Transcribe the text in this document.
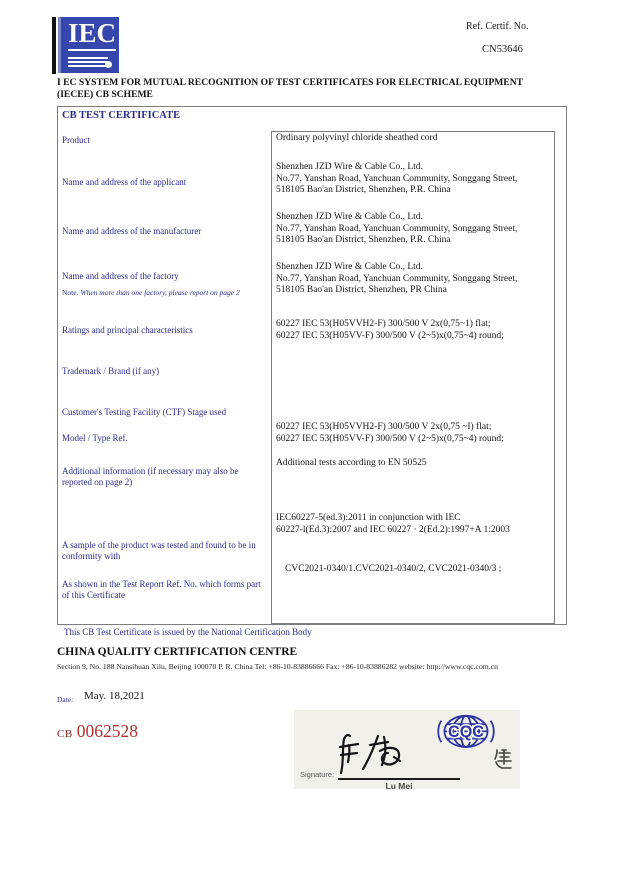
IEC	Ref. Certif. No.
CN53646
I EC SYSTEM FOR MUTUAL RECOGNITION OF TEST CERTIFICATES FOR ELECTRICAL EQUIPMENT
(IECEE) CB SCHEME
CB TEST CERTIFICATE
Product	Ordinary polyvinyl chloride sheathed cord
Name and address of the applicant
Shenzhen JZD Wire & Cable Co., Ltd.
No.77, Yanshan Road, Yanchuan Community, Songgang Street,
518105 Bao'an District, Shenzhen, P.R. China
Name and address of the manufacturer
Shenzhen JZD Wire & Cable Co., Ltd.
No.77, Yanshan Road, Yanchuan Community, Songgang Street,
518105 Bao'an District, Shenzhen, P.R. China
Name and address of the factory
Note. When more than one factory, please report on page 2
Shenzhen JZD Wire & Cable Co., Ltd.
No.77, Yanshan Road, Yanchuan Community, Songgang Street,
518105 Bao'an District, Shenzhen, PR China
Ratings and principal characteristics
60227 IEC 53(H05VVH2-F) 300/500 V 2x(0,75~1) flat;
60227 IEC 53(H05VV-F) 300/500 V (2~5)x(0,75~4) round;
Trademark / Brand (if any)
Customer's Testing Facility (CTF) Stage used
Model / Type Ref.
60227 IEC 53(H05VVH2-F) 300/500 V 2x(0,75 ~I) flat;
60227 IEC 53(H05VV-F) 300/500 V (2~5)x(0,75~4) round;
Additional information (if necessary may also be reported on page 2)
Additional tests according to EN 50525
A sample of the product was tested and found to be in conformity with
IEC60227-5(ed.3):2011 in conjunction with IEC
60227-l(Ed.3):2007 and IEC 60227 · 2(Ed.2):1997+A 1:2003
As shown in the Test Report Ref. No. which forms part of this Certificate
CVC2021-0340/1.CVC2021-0340/2, CVC2021-0340/3 ;
This CB Test Certificate is issued by the National Certification Body
CHINA QUALITY CERTIFICATION CENTRE
Section 9, No. 188 Nansihuan Xilu, Beijing 100070 P. R. China Tel: +86-10-83886666 Fax: +86-10-83886282 website: http://www.cqc.com.cn
Date: May. 18,2021
CB 0062528
Signature:
Lu Mei
CQC
